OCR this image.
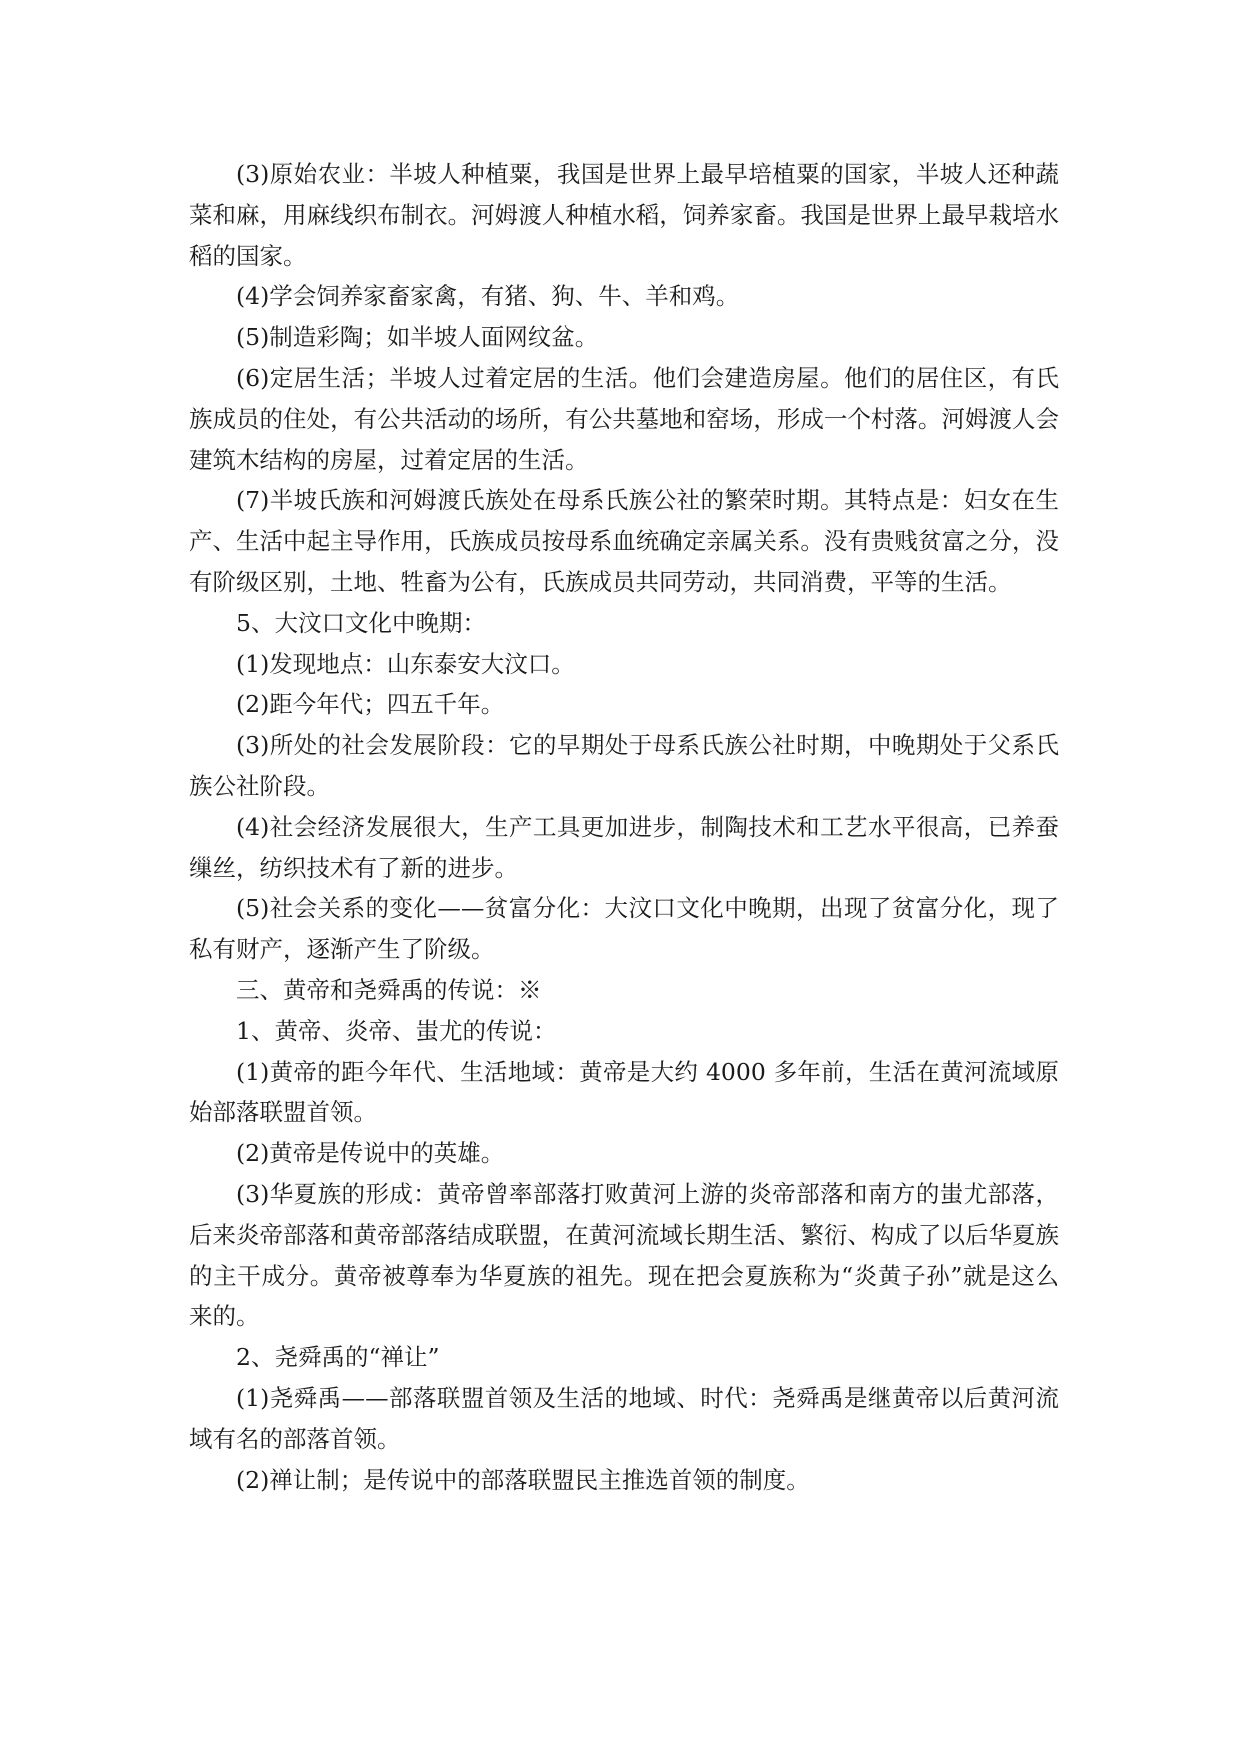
(3)原始农业：半坡人种植粟，我国是世界上最早培植粟的国家，半坡人还种蔬菜和麻，用麻线织布制衣。河姆渡人种植水稻，饲养家畜。我国是世界上最早栽培水稻的国家。

(4)学会饲养家畜家禽，有猪、狗、牛、羊和鸡。

(5)制造彩陶；如半坡人面网纹盆。

(6)定居生活；半坡人过着定居的生活。他们会建造房屋。他们的居住区，有氏族成员的住处，有公共活动的场所，有公共墓地和窑场，形成一个村落。河姆渡人会建筑木结构的房屋，过着定居的生活。

(7)半坡氏族和河姆渡氏族处在母系氏族公社的繁荣时期。其特点是：妇女在生产、生活中起主导作用，氏族成员按母系血统确定亲属关系。没有贵贱贫富之分，没有阶级区别，土地、牲畜为公有，氏族成员共同劳动，共同消费，平等的生活。

5、大汶口文化中晚期：

(1)发现地点：山东泰安大汶口。

(2)距今年代；四五千年。

(3)所处的社会发展阶段：它的早期处于母系氏族公社时期，中晚期处于父系氏族公社阶段。

(4)社会经济发展很大，生产工具更加进步，制陶技术和工艺水平很高，已养蚕缫丝，纺织技术有了新的进步。

(5)社会关系的变化——贫富分化：大汶口文化中晚期，出现了贫富分化，现了私有财产，逐渐产生了阶级。

三、黄帝和尧舜禹的传说：※

1、黄帝、炎帝、蚩尤的传说：

(1)黄帝的距今年代、生活地域：黄帝是大约 4000 多年前，生活在黄河流域原始部落联盟首领。

(2)黄帝是传说中的英雄。

(3)华夏族的形成：黄帝曾率部落打败黄河上游的炎帝部落和南方的蚩尤部落，后来炎帝部落和黄帝部落结成联盟，在黄河流域长期生活、繁衍、构成了以后华夏族的主干成分。黄帝被尊奉为华夏族的祖先。现在把会夏族称为“炎黄子孙”就是这么来的。

2、尧舜禹的“禅让”

(1)尧舜禹——部落联盟首领及生活的地域、时代：尧舜禹是继黄帝以后黄河流域有名的部落首领。

(2)禅让制；是传说中的部落联盟民主推选首领的制度。
